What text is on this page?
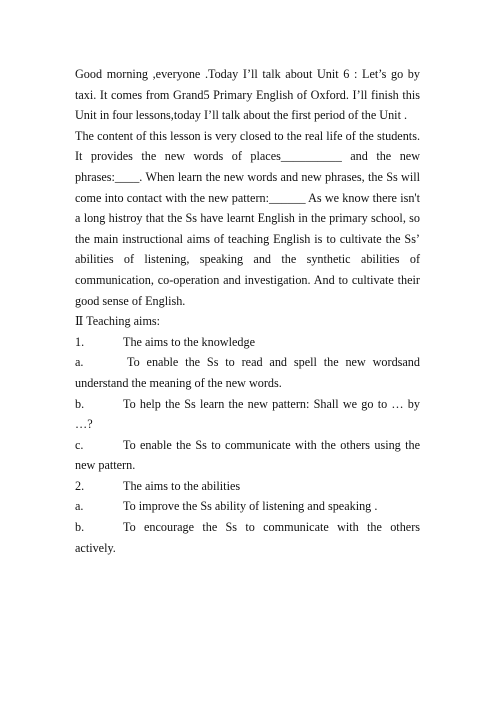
Good morning ,everyone .Today I’ll talk about Unit 6 : Let’s go by taxi. It comes from Grand5 Primary English of Oxford. I’ll finish this Unit in four lessons,today I’ll talk about the first period of the Unit .

The content of this lesson is very closed to the real life of the students. It provides the new words of places__________ and the new phrases:____. When learn the new words and new phrases, the Ss will come into contact with the new pattern:______ As we know there isn't a long histroy that the Ss have learnt English in the primary school, so the main instructional aims of teaching English is to cultivate the Ss’ abilities of listening, speaking and the synthetic abilities of communication, co-operation and investigation. And to cultivate their good sense of English.

Ⅱ Teaching aims:

1.	The aims to the knowledge

a.	To enable the Ss to read and spell the new wordsand understand the meaning of the new words.

b.	To help the Ss learn the new pattern: Shall we go to … by …?

c.	To enable the Ss to communicate with the others using the new pattern.

2.	The aims to the abilities

a.	To improve the Ss ability of listening and speaking .

b.	To encourage the Ss to communicate with the others actively.
